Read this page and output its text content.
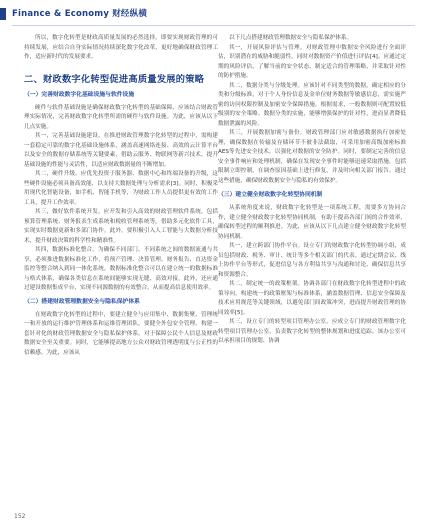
Finance & Economy 财经纵横

所以，数字化转型是财政高质量发展的必然选择，即要实现财政管理的可持续发展，应结合自身实际情况持续深化数字化改革，更好地确保财政管理工作，适应新时代的发展要求。

二、财政数字化转型促进高质量发展的策略
（一）完善财政数字化基础设施与软件设施

硬件与软件基础设施是确保财政数字化转型的基础保障，应该结合财政管理实际情况，完善财政数字化转型所需的硬件与软件设施。为此，应该从以下几点实施。

其一，完善基础设施建设。在推进财政管理数字化转型的过程中，需构建一套稳定可靠的数字化基础设施体系，涵盖高速网络连接、高效的云计算平台以及安全的数据存储系统等关键要素，借助云服务、物联网等新兴技术，提升基础设施的性能与灵活性，以适应财政数据量的不断增加。

其二，硬件升级。应优先投资于服务器、数据中心和终端设备的升级，这些硬件设施必须具备高效能、以支持大数据处理与分析需求[3]。同时，积极采用现代化智能设备，如手机、智能手机等，为财政工作人员提供更有效的工作工具，提升工作效率。

其三，做好软件系统开发。应开发和引入高效的财政管理软件系统，包括预算管理系统、财务报表生成系统和税收管理系统等。借助多元化软件工具，实现实时数据更新和多部门协作。此外，要积极引入人工智能与大数据分析技术，提升财政决策的科学性和精准性。

其四，数据标准化整合。为确保不同部门、不同系统之间的数据流通与共享，必须推进数据标准化工作，将预产管理、决算管理、财务报告、直达资金监控等整合纳入到同一体化系统。数据标准化整合可以在建立统一的数据标准与格式体系，确保各类信息在系统间能够实现无缝、高效对接，此外，还应通过建设数据集成平台，实现不同源数据的有效整合，从而提高信息使用效率。

（二）搭建财政管理数据安全与隐私保护体系

在财政数字化转型的过程中，要建立健全与应用集中、数据集聚、管理统一和开放的运行维护管理体系和运维管理团队，要健全外包安全管理。构建一套针对化的财政管理数据安全与隐私保护体系，对于保障公民个人信息及财政数据安全至关重要。同时，它能够提高地方公众对财政管理透明度与公正性的信赖感。为此，应该从

以下几点搭建财政管理数据安全与隐私保护体系。

其一，开展风险评估与管理。对财政管理中数据安全风险进行全面评估，识别潜在的威胁和脆弱性，同时对数据资产价值进行评估[4]。应通过定期的风险评估，了解当前的安全状态、制定适合的管理策略，并采取针对性的防护措施。

其二，数据分类与分级处理。应该针对不同类型的数据，确定相应的分类和分级标准，对于个人身份信息及金单位财务数据等敏感信息，需实施严密的访问权限控制及加密安全保障措施。根据需求，一般数据则可配置较低级别的安全策略。数据分类的实施，能够增强保护的针对性，进而显著降低数据泄露的风险。

其三，开展数据加密与备份。财政管理部门应对敏感数据执行加密处理，确保数据在传输及存储环节不被非法截取，可采用加密高级加密标准AES等先进安全技术，以强化对数据的安全防护。同时，要制定完善的信息安全事件响应和处理机制，确保在发现安全事件时能够迅速采取措施，包括限制立即控制，在调查原因基础上进行修复，并及时向相关部门报告。通过这些措施，确保财政数据安全与隐私的有效保护。

（三）建立健全财政数字化转型协同机制

从系统角度来说，财政数字化转型是一项系统工程，需要多方协同合作，建立健全财政数字化转型协同机制，有助于提高各部门间的合作效率，确保转型过程的顺利推进。为此，应该从以下几点建立健全财政数字化转型协同机制。

其一，建立跨部门协作平台。设立专门的财政数字化转型协调小组，成员包括财政、税务、审计、统计等多个相关部门的代表。通过定期会议、线上协作平台等形式，促进信息与各方利益共享与沟通和讨论，确保信息共享和资源整合。

其二，制定统一的政策框架。协调各部门在财政数字化转型进程中的政策导向，构建统一的政策框架与标准体系，涵盖数据管理、信息安全保障及技术应用规范等关键领域，以避免部门间政策冲突，进而提升财政管理的协同效率[5]。

其三，设立专门的转型项目管理办公室。应成立专门的财政管理数字化转型项目管理办公室，负责数字化转型的整体规划和进度追踪。该办公室可以承担项目的规划、协调

152
